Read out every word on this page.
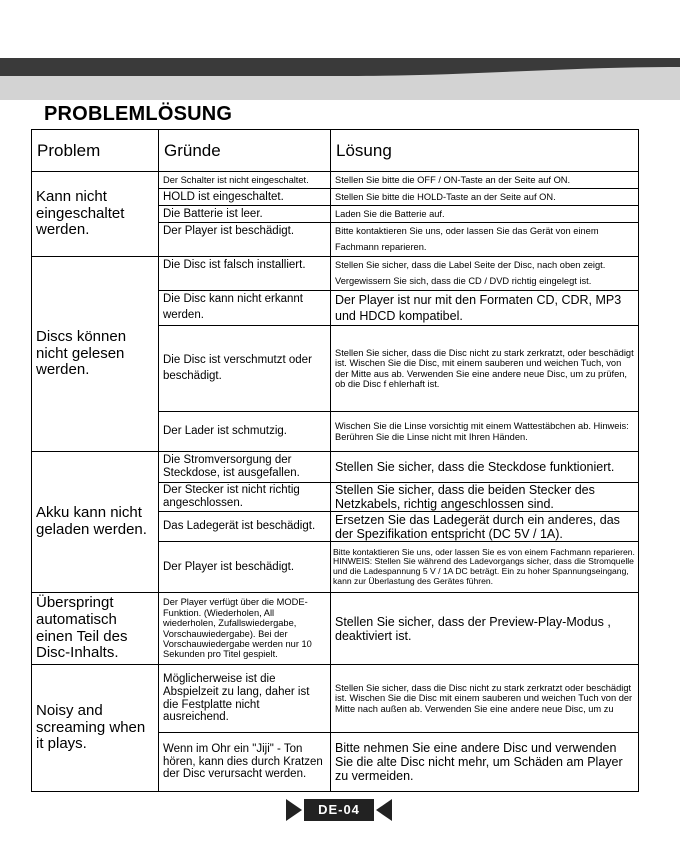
PROBLEMLÖSUNG
Problem	Gründe	Lösung
Kann nicht eingeschaltet werden.	Der Schalter ist nicht eingeschaltet.	Stellen Sie bitte die OFF / ON-Taste an der Seite auf ON.
	HOLD ist eingeschaltet.	Stellen Sie bitte die HOLD-Taste an der Seite auf ON.
	Die Batterie ist leer.	Laden Sie die Batterie auf.
	Der Player ist beschädigt.	Bitte kontaktieren Sie uns, oder lassen Sie das Gerät von einem Fachmann reparieren.
Discs können nicht gelesen werden.	Die Disc ist falsch installiert.	Stellen Sie sicher, dass die Label Seite der Disc, nach oben zeigt. Vergewissern Sie sich, dass die CD / DVD richtig eingelegt ist.
	Die Disc kann nicht erkannt werden.	Der Player ist nur mit den Formaten CD, CDR, MP3 und HDCD kompatibel.
	Die Disc ist verschmutzt oder beschädigt.	Stellen Sie sicher, dass die Disc nicht zu stark zerkratzt, oder beschädigt ist. Wischen Sie die Disc, mit einem sauberen und weichen Tuch, von der Mitte aus ab. Verwenden Sie eine andere neue Disc, um zu prüfen, ob die Disc f ehlerhaft ist.
	Der Lader ist schmutzig.	Wischen Sie die Linse vorsichtig mit einem Wattestäbchen ab. Hinweis: Berühren Sie die Linse nicht mit Ihren Händen.
Akku kann nicht geladen werden.	Die Stromversorgung der Steckdose, ist ausgefallen.	Stellen Sie sicher, dass die Steckdose funktioniert.
	Der Stecker ist nicht richtig angeschlossen.	Stellen Sie sicher, dass die beiden Stecker des Netzkabels, richtig angeschlossen sind.
	Das Ladegerät ist beschädigt.	Ersetzen Sie das Ladegerät durch ein anderes, das der Spezifikation entspricht (DC 5V / 1A).
	Der Player ist beschädigt.	Bitte kontaktieren Sie uns, oder lassen Sie es von einem Fachmann reparieren. HINWEIS: Stellen Sie während des Ladevorgangs sicher, dass die Stromquelle und die Ladespannung 5 V / 1A DC beträgt. Ein zu hoher Spannungseingang, kann zur Überlastung des Gerätes führen.
Überspringt automatisch einen Teil des Disc-Inhalts.	Der Player verfügt über die MODE-Funktion. (Wiederholen, All wiederholen, Zufallswiedergabe, Vorschauwiedergabe). Bei der Vorschauwiedergabe werden nur 10 Sekunden pro Titel gespielt.	Stellen Sie sicher, dass der Preview-Play-Modus , deaktiviert ist.
Noisy and screaming when it plays.	Möglicherweise ist die Abspielzeit zu lang, daher ist die Festplatte nicht ausreichend.	Stellen Sie sicher, dass die Disc nicht zu stark zerkratzt oder beschädigt ist. Wischen Sie die Disc mit einem sauberen und weichen Tuch von der Mitte nach außen ab. Verwenden Sie eine andere neue Disc, um zu
	Wenn im Ohr ein "Jiji" - Ton hören, kann dies durch Kratzen der Disc verursacht werden.	Bitte nehmen Sie eine andere Disc und verwenden Sie die alte Disc nicht mehr, um Schäden am Player zu vermeiden.
DE-04
